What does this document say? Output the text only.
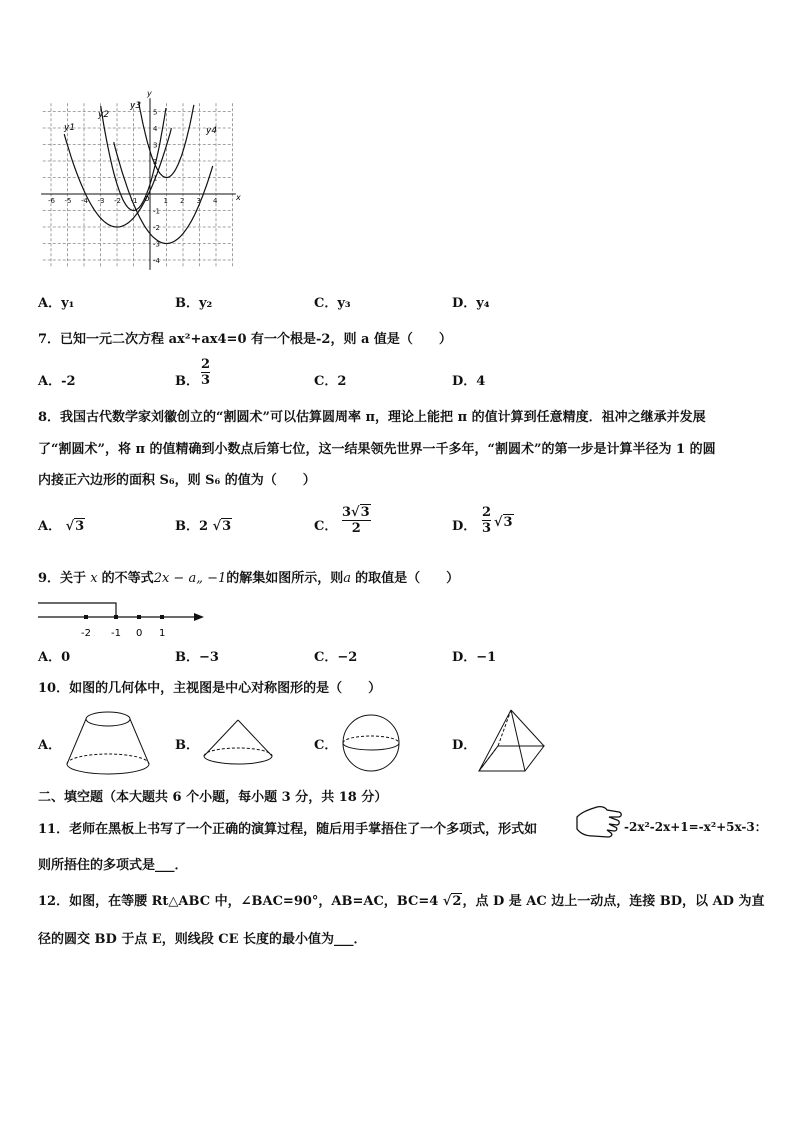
-6 -5 -4 -3 -2 -1	1 2 3 4
5
4
3
2
1
-1
-2
-3
-4
x
y
O
y1
y2
y3
y4
A．y₁	B．y₂	C．y₃	D．y₄
7．已知一元二次方程 ax²+ax4=0 有一个根是-2，则 a 值是（　　）
A．-2	B．
2
3	C．2	D．4
8．我国古代数学家刘徽创立的“割圆术”可以估算圆周率 π，理论上能把 π 的值计算到任意精度．祖冲之继承并发展
了“割圆术”，将 π 的值精确到小数点后第七位，这一结果领先世界一千多年，“割圆术”的第一步是计算半径为 1 的圆
内接正六边形的面积 S₆，则 S₆ 的值为（　　）
A． √3	B．2 √3	C．
3√3
2	D．
2
3 √3
9．关于 x 的不等式2x − a„ −1的解集如图所示，则a 的取值是（　　）
-2 -1 0 1
A．0	B．−3	C．−2	D．−1
10．如图的几何体中，主视图是中心对称图形的是（　　）
A．	B．	C．	D．
二、填空题（本大题共 6 个小题，每小题 3 分，共 18 分）
11．老师在黑板上书写了一个正确的演算过程，随后用手掌捂住了一个多项式，形式如	-2x²-2x+1=-x²+5x-3：
则所捂住的多项式是___．
12．如图，在等腰 Rt△ABC 中，∠BAC=90°，AB=AC，BC=4 √2，点 D 是 AC 边上一动点，连接 BD，以 AD 为直
径的圆交 BD 于点 E，则线段 CE 长度的最小值为___．
